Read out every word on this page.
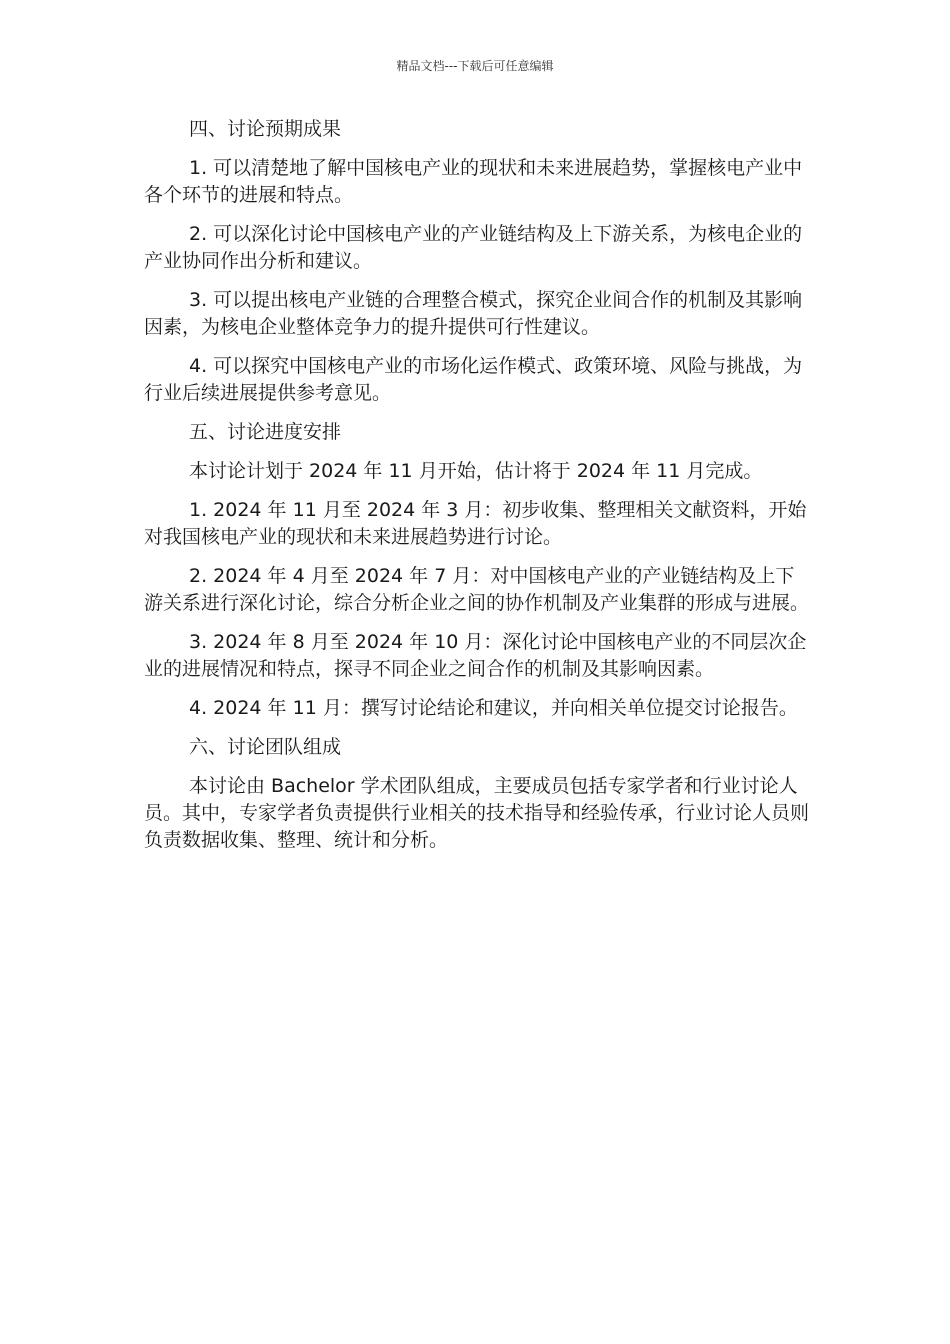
精品文档---下载后可任意编辑

四、讨论预期成果

1. 可以清楚地了解中国核电产业的现状和未来进展趋势，掌握核电产业中各个环节的进展和特点。

2. 可以深化讨论中国核电产业的产业链结构及上下游关系，为核电企业的产业协同作出分析和建议。

3. 可以提出核电产业链的合理整合模式，探究企业间合作的机制及其影响因素，为核电企业整体竞争力的提升提供可行性建议。

4. 可以探究中国核电产业的市场化运作模式、政策环境、风险与挑战，为行业后续进展提供参考意见。

五、讨论进度安排

本讨论计划于 2024 年 11 月开始，估计将于 2024 年 11 月完成。

1. 2024 年 11 月至 2024 年 3 月：初步收集、整理相关文献资料，开始对我国核电产业的现状和未来进展趋势进行讨论。

2. 2024 年 4 月至 2024 年 7 月：对中国核电产业的产业链结构及上下游关系进行深化讨论，综合分析企业之间的协作机制及产业集群的形成与进展。

3. 2024 年 8 月至 2024 年 10 月：深化讨论中国核电产业的不同层次企业的进展情况和特点，探寻不同企业之间合作的机制及其影响因素。

4. 2024 年 11 月：撰写讨论结论和建议，并向相关单位提交讨论报告。

六、讨论团队组成

本讨论由 Bachelor 学术团队组成，主要成员包括专家学者和行业讨论人员。其中，专家学者负责提供行业相关的技术指导和经验传承，行业讨论人员则负责数据收集、整理、统计和分析。
